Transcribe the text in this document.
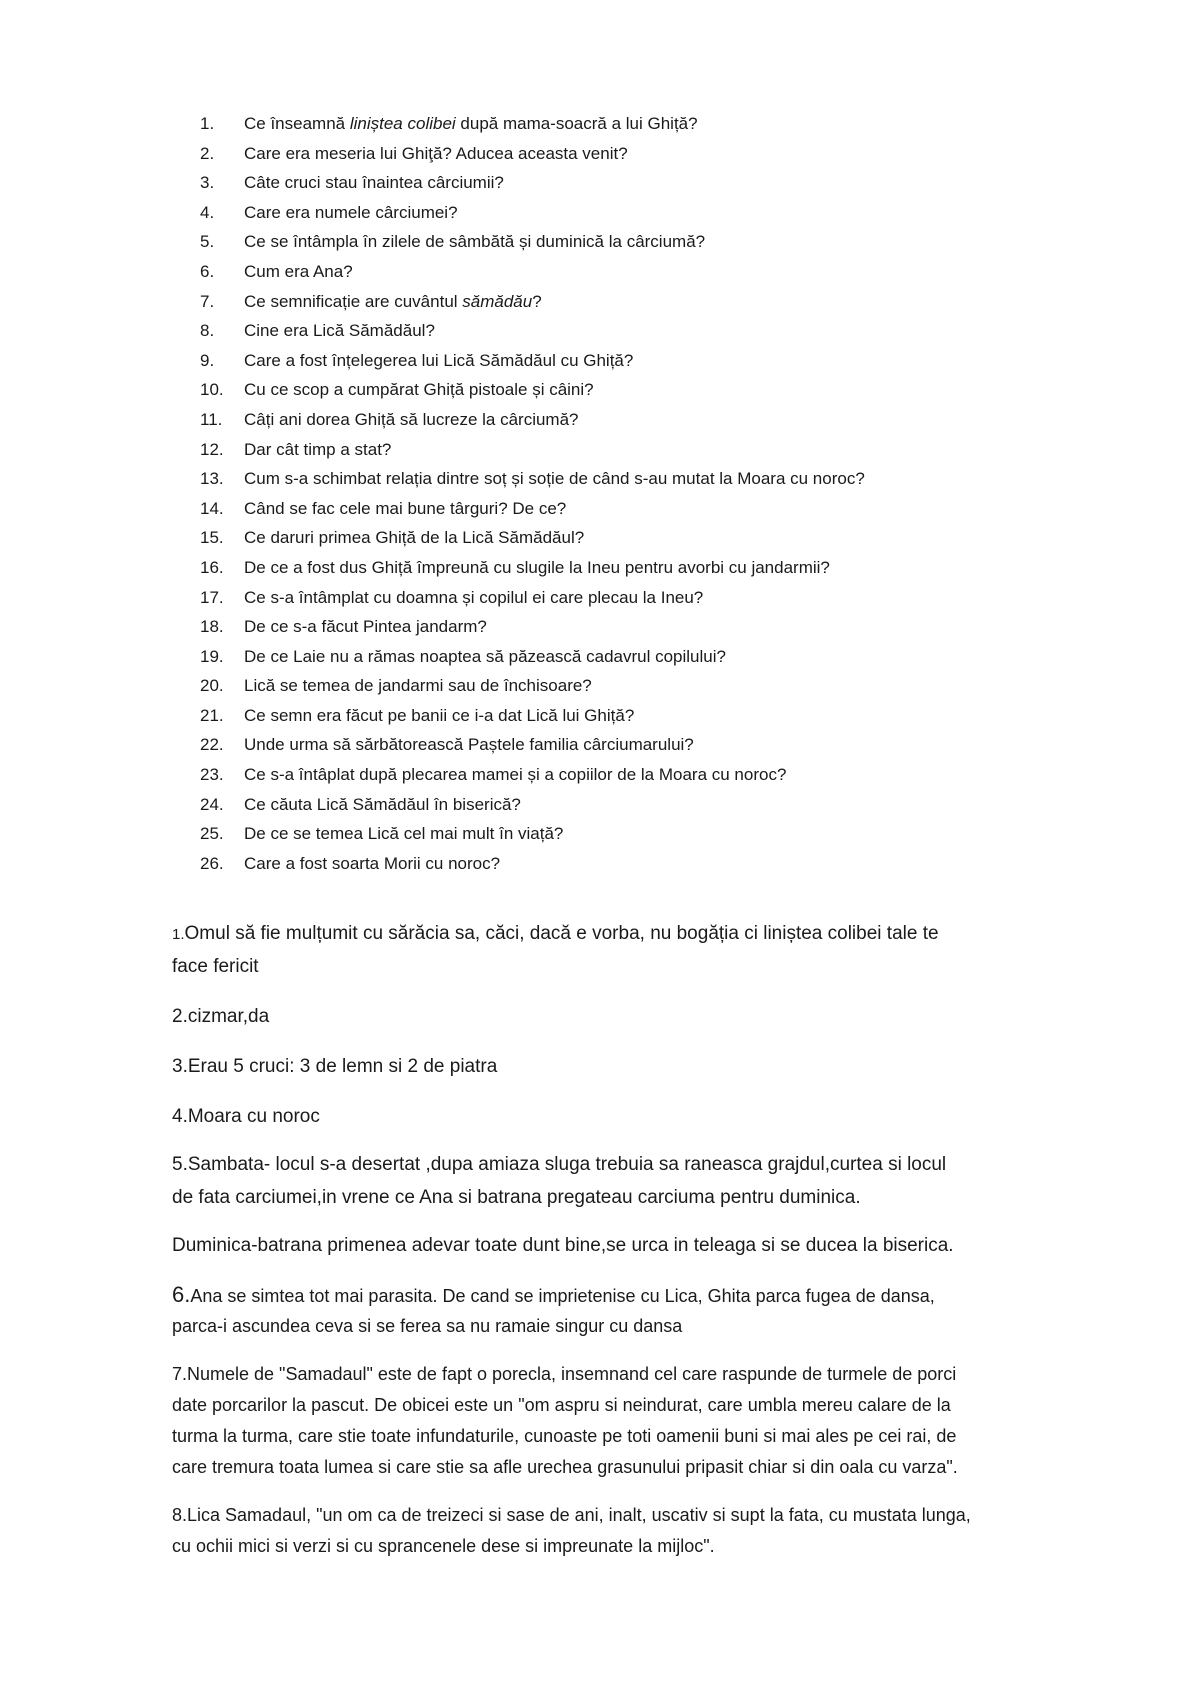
1.	Ce înseamnă liniștea colibei după mama-soacră a lui Ghiță?
2.	Care era meseria lui Ghiţă? Aducea aceasta venit?
3.	Câte cruci stau înaintea cârciumii?
4.	Care era numele cârciumei?
5.	Ce se întâmpla în zilele de sâmbătă și duminică la cârciumă?
6.	Cum era Ana?
7.	Ce semnificație are cuvântul sămădău?
8.	Cine era Lică Sămădăul?
9.	Care a fost înțelegerea lui Lică Sămădăul cu Ghiță?
10.	Cu ce scop a cumpărat Ghiță pistoale și câini?
11.	Câți ani dorea Ghiță să lucreze la cârciumă?
12.	Dar cât timp a stat?
13.	Cum s-a schimbat relația dintre soț și soție de când s-au mutat la Moara cu noroc?
14.	Când se fac cele mai bune târguri? De ce?
15.	Ce daruri primea Ghiță de la Lică Sămădăul?
16.	De ce a fost dus Ghiță împreună cu slugile la Ineu pentru avorbi cu jandarmii?
17.	Ce s-a întâmplat cu doamna și copilul ei care plecau la Ineu?
18.	De ce s-a făcut Pintea jandarm?
19.	De ce Laie nu a rămas noaptea să păzească cadavrul copilului?
20.	Lică se temea de jandarmi sau de închisoare?
21.	Ce semn era făcut pe banii ce i-a dat Lică lui Ghiță?
22.	Unde urma să sărbătorească Paștele familia cârciumarului?
23.	Ce s-a întâplat după plecarea mamei și a copiilor de la Moara cu noroc?
24.	Ce căuta Lică Sămădăul în biserică?
25.	De ce se temea Lică cel mai mult în viață?
26.	Care a fost soarta Morii cu noroc?

1.Omul să fie mulțumit cu sărăcia sa, căci, dacă e vorba, nu bogăția ci liniștea colibei tale te

face fericit

2.cizmar,da

3.Erau 5 cruci: 3 de lemn si 2 de piatra

4.Moara cu noroc

5.Sambata- locul s-a desertat ,dupa amiaza sluga trebuia sa raneasca grajdul,curtea si locul

de fata carciumei,in vrene ce Ana si batrana pregateau carciuma pentru duminica.

Duminica-batrana primenea adevar toate dunt bine,se urca in teleaga si se ducea la biserica.

6.Ana se simtea tot mai parasita. De cand se imprietenise cu Lica, Ghita parca fugea de dansa,

parca-i ascundea ceva si se ferea sa nu ramaie singur cu dansa

7.Numele de "Samadaul" este de fapt o porecla, insemnand cel care raspunde de turmele de porci

date porcarilor la pascut. De obicei este un "om aspru si neindurat, care umbla mereu calare de la

turma la turma, care stie toate infundaturile, cunoaste pe toti oamenii buni si mai ales pe cei rai, de

care tremura toata lumea si care stie sa afle urechea grasunului pripasit chiar si din oala cu varza".

8.Lica Samadaul, "un om ca de treizeci si sase de ani, inalt, uscativ si supt la fata, cu mustata lunga,

cu ochii mici si verzi si cu sprancenele dese si impreunate la mijloc".
